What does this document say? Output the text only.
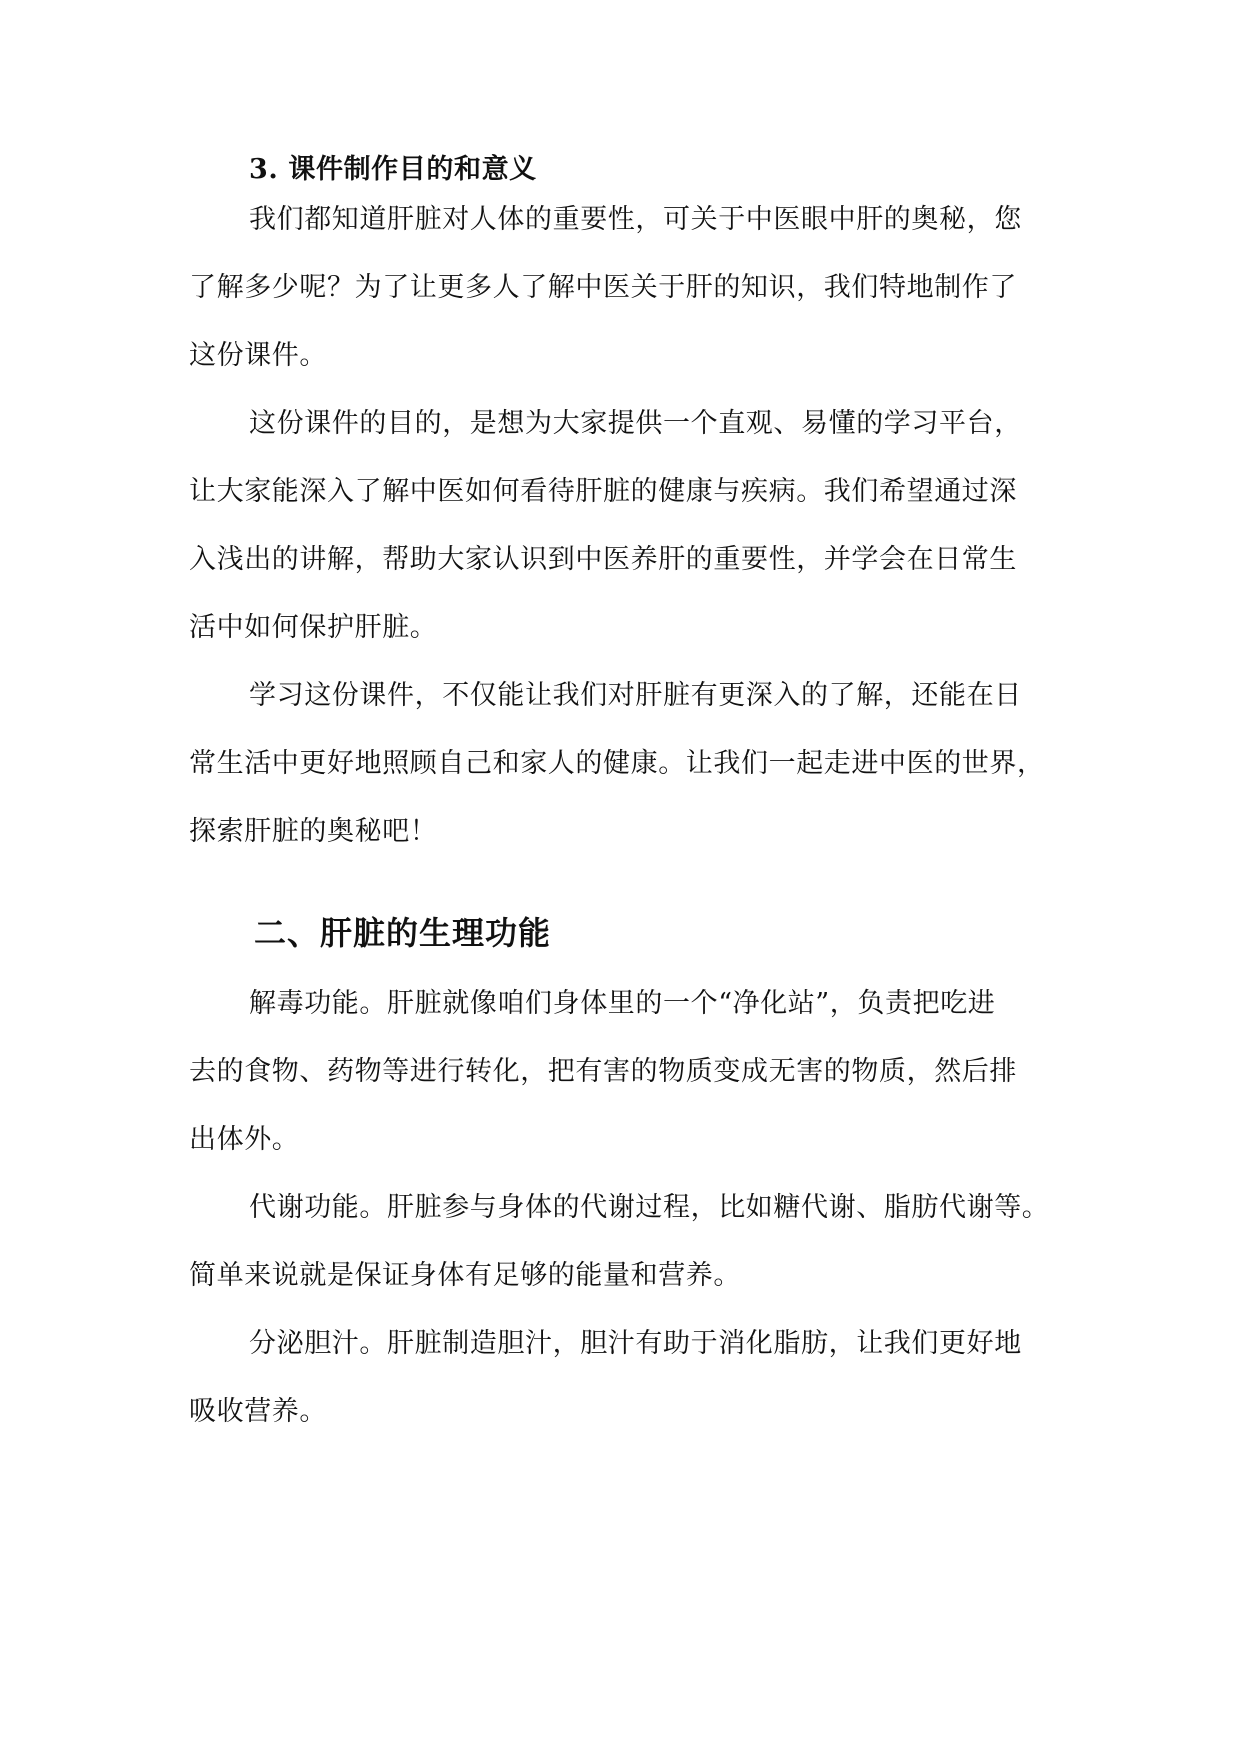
3. 课件制作目的和意义
我们都知道肝脏对人体的重要性，可关于中医眼中肝的奥秘，您
了解多少呢？为了让更多人了解中医关于肝的知识，我们特地制作了
这份课件。
这份课件的目的，是想为大家提供一个直观、易懂的学习平台，
让大家能深入了解中医如何看待肝脏的健康与疾病。我们希望通过深
入浅出的讲解，帮助大家认识到中医养肝的重要性，并学会在日常生
活中如何保护肝脏。
学习这份课件，不仅能让我们对肝脏有更深入的了解，还能在日
常生活中更好地照顾自己和家人的健康。让我们一起走进中医的世界，
探索肝脏的奥秘吧！
二、肝脏的生理功能
解毒功能。肝脏就像咱们身体里的一个“净化站”，负责把吃进
去的食物、药物等进行转化，把有害的物质变成无害的物质，然后排
出体外。
代谢功能。肝脏参与身体的代谢过程，比如糖代谢、脂肪代谢等。
简单来说就是保证身体有足够的能量和营养。
分泌胆汁。肝脏制造胆汁，胆汁有助于消化脂肪，让我们更好地
吸收营养。
